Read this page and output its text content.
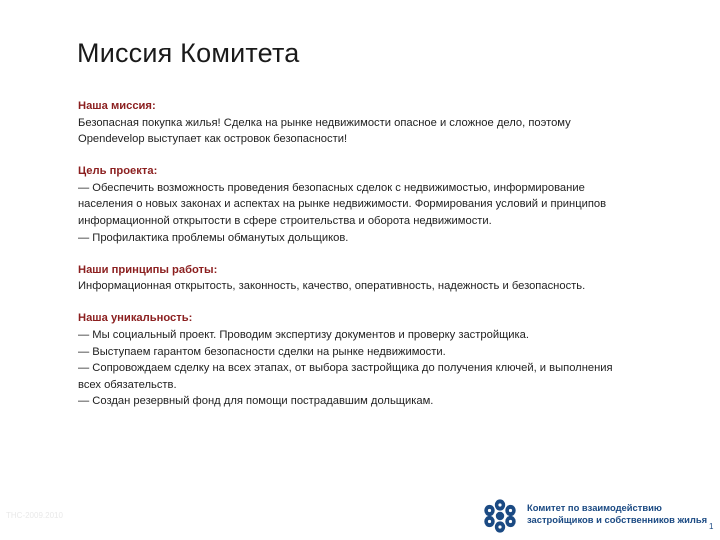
Миссия Комитета
Наша миссия:
Безопасная покупка жилья! Сделка на рынке недвижимости опасное и сложное дело, поэтому
Opendevelop выступает как островок безопасности!
Цель проекта:
— Обеспечить возможность проведения безопасных сделок с недвижимостью, информирование
населения о новых законах и аспектах на рынке недвижимости. Формирования условий и принципов
информационной открытости в сфере строительства и оборота недвижимости.
— Профилактика проблемы обманутых дольщиков.
Наши принципы работы:
Информационная открытость, законность, качество, оперативность, надежность и безопасность.
Наша уникальность:
— Мы социальный проект. Проводим экспертизу документов и проверку застройщика.
— Выступаем гарантом безопасности сделки на рынке недвижимости.
— Сопровождаем сделку на всех этапах, от выбора застройщика до получения ключей, и выполнения
всех обязательств.
— Создан резервный фонд для помощи пострадавшим дольщикам.
ТНС-2009.2010
Комитет по взаимодействию
застройщиков и собственников жилья
1
